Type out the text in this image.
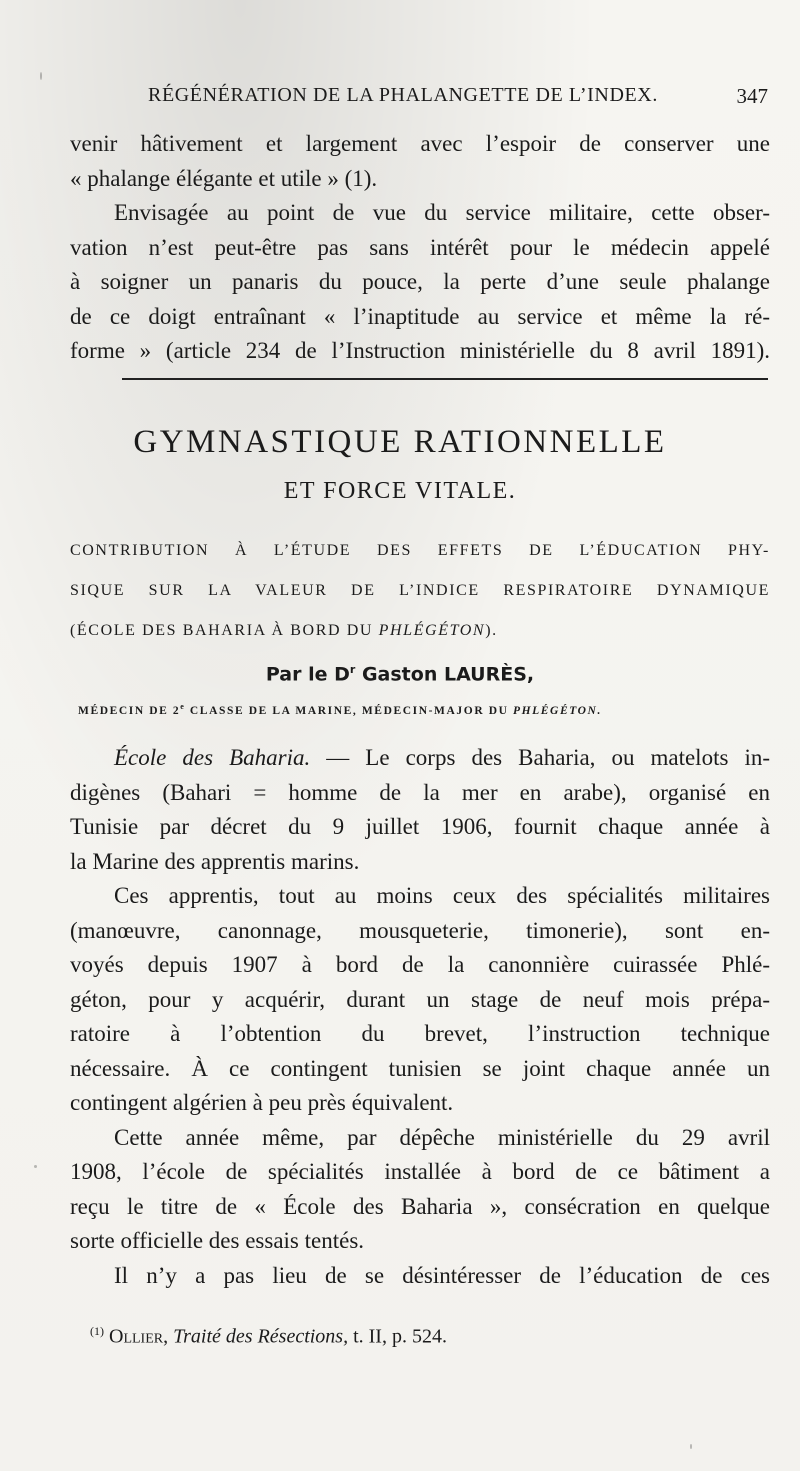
RÉGÉNÉRATION DE LA PHALANGETTE DE L’INDEX.	347
venir hâtivement et largement avec l’espoir de conserver une
« phalange élégante et utile » (1).
Envisagée au point de vue du service militaire, cette obser-
vation n’est peut-être pas sans intérêt pour le médecin appelé
à soigner un panaris du pouce, la perte d’une seule phalange
de ce doigt entraînant « l’inaptitude au service et même la ré-
forme » (article 234 de l’Instruction ministérielle du 8 avril 1891).
GYMNASTIQUE RATIONNELLE
ET FORCE VITALE.
CONTRIBUTION À L’ÉTUDE DES EFFETS DE L’ÉDUCATION PHY-
SIQUE SUR LA VALEUR DE L’INDICE RESPIRATOIRE DYNAMIQUE
(ÉCOLE DES BAHARIA À BORD DU PHLÉGÉTON).
Par le $D^r$ Gaston LAURÈS,
MÉDECIN DE 2e CLASSE DE LA MARINE, MÉDECIN-MAJOR DU PHLÉGÉTON.
École des Baharia. — Le corps des Baharia, ou matelots in-
digènes (Bahari = homme de la mer en arabe), organisé en
Tunisie par décret du 9 juillet 1906, fournit chaque année à
la Marine des apprentis marins.
Ces apprentis, tout au moins ceux des spécialités militaires
(manœuvre, canonnage, mousqueterie, timonerie), sont en-
voyés depuis 1907 à bord de la canonnière cuirassée Phlé-
géton, pour y acquérir, durant un stage de neuf mois prépa-
ratoire à l’obtention du brevet, l’instruction technique
nécessaire. À ce contingent tunisien se joint chaque année un
contingent algérien à peu près équivalent.
Cette année même, par dépêche ministérielle du 29 avril
1908, l’école de spécialités installée à bord de ce bâtiment a
reçu le titre de « École des Baharia », consécration en quelque
sorte officielle des essais tentés.
Il n’y a pas lieu de se désintéresser de l’éducation de ces
$^{(1)}$ Ollier, Traité des Résections, t. II, p. 524.
